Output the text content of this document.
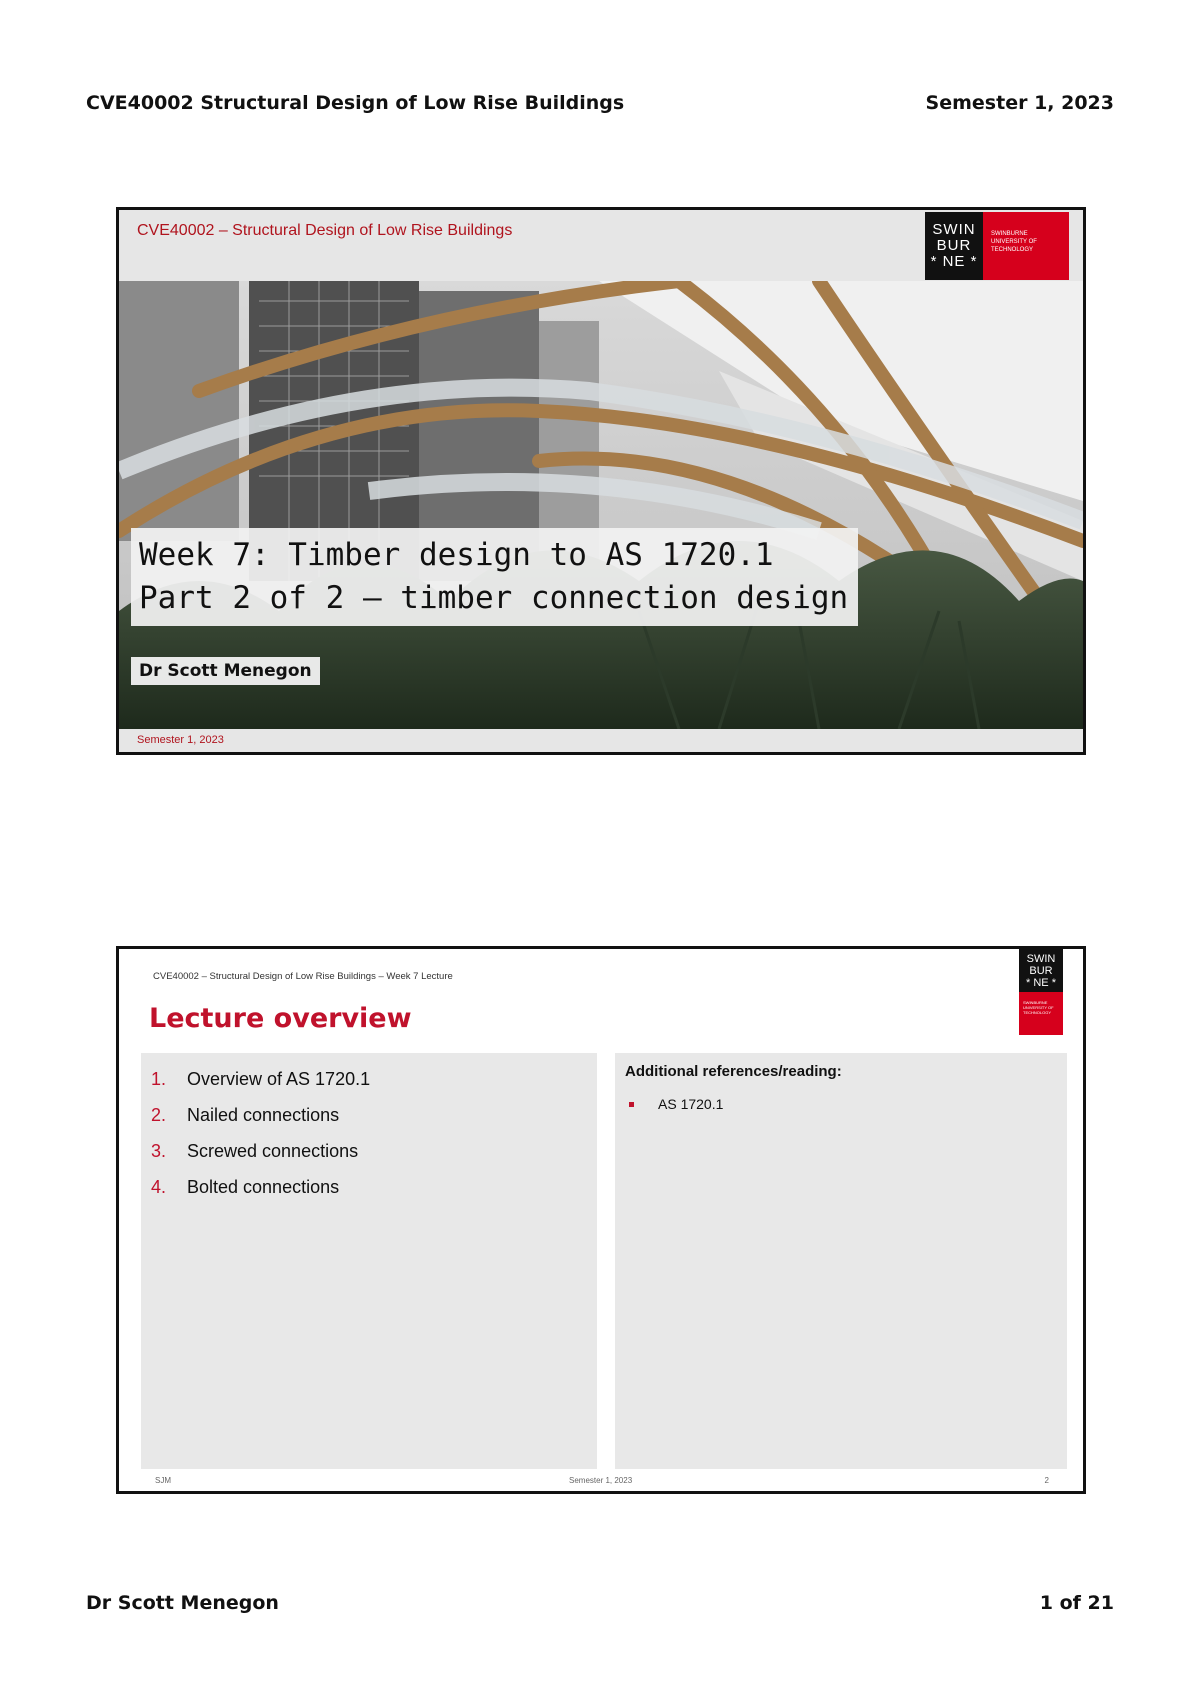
CVE40002 Structural Design of Low Rise Buildings	Semester 1, 2023
CVE40002 – Structural Design of Low Rise Buildings	SWIN
BUR
* NE *
SWINBURNE
UNIVERSITY OF
TECHNOLOGY
Week 7: Timber design to AS 1720.1
Part 2 of 2 – timber connection design
Dr Scott Menegon
Semester 1, 2023
CVE40002 – Structural Design of Low Rise Buildings – Week 7 Lecture
Lecture overview
SWIN
BUR
* NE *
SWINBURNE
UNIVERSITY OF
TECHNOLOGY
1.	Overview of AS 1720.1
2.	Nailed connections
3.	Screwed connections
4.	Bolted connections
Additional references/reading:
AS 1720.1
SJM	Semester 1, 2023	2
Dr Scott Menegon	1 of 21
